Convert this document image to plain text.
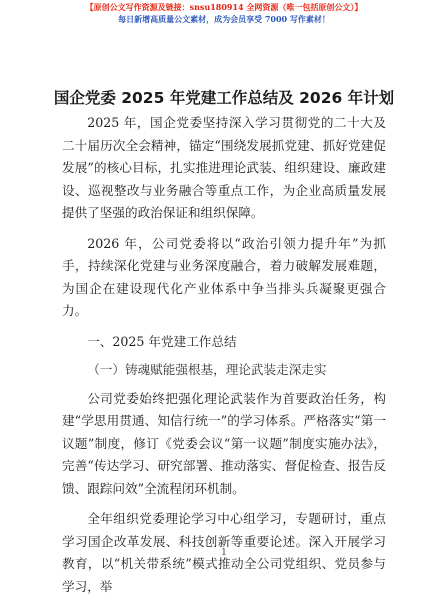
【原创公文写作资源及链接：snsu180914 全网资源（唯一包括原创公文）】
每日新增高质量公文素材，成为会员享受 7000 写作素材！
国企党委 2025 年党建工作总结及 2026 年计划

2025 年，国企党委坚持深入学习贯彻党的二十大及二十届历次全会精神，锚定“围绕发展抓党建、抓好党建促发展”的核心目标，扎实推进理论武装、组织建设、廉政建设、巡视整改与业务融合等重点工作，为企业高质量发展提供了坚强的政治保证和组织保障。

2026 年，公司党委将以“政治引领力提升年”为抓手，持续深化党建与业务深度融合，着力破解发展难题，为国企在建设现代化产业体系中争当排头兵凝聚更强合力。

一、2025 年党建工作总结

（一）铸魂赋能强根基，理论武装走深走实

公司党委始终把强化理论武装作为首要政治任务，构建“学思用贯通、知信行统一”的学习体系。严格落实“第一议题”制度，修订《党委会议“第一议题”制度实施办法》，完善“传达学习、研究部署、推动落实、督促检查、报告反馈、跟踪问效”全流程闭环机制。

全年组织党委理论学习中心组学习，专题研讨，重点学习国企改革发展、科技创新等重要论述。深入开展学习教育，以“机关带系统”模式推动全公司党组织、党员参与学习，举

1
